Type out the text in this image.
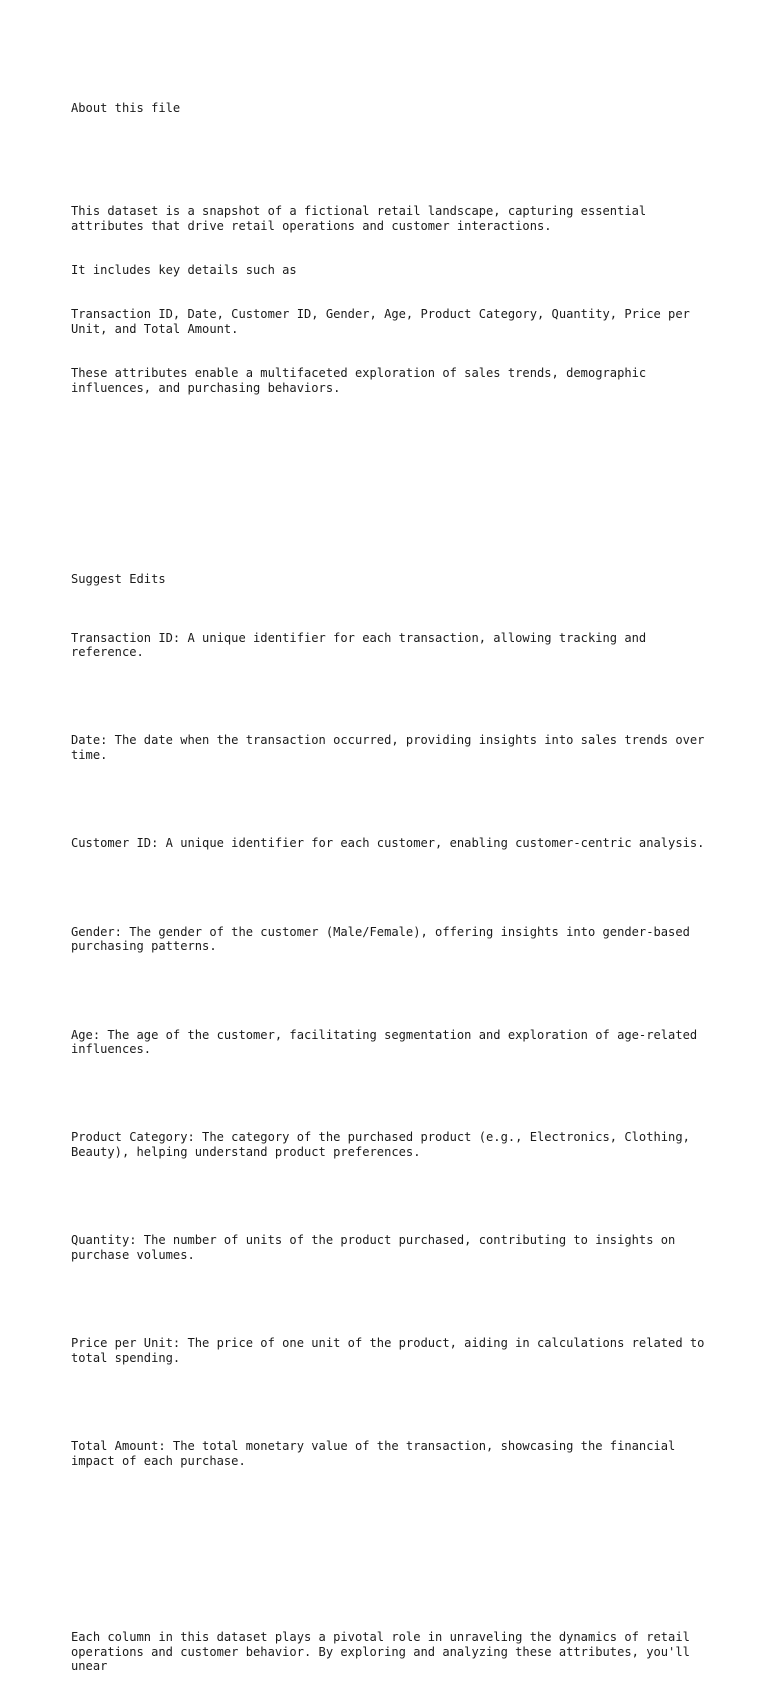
About this file

This dataset is a snapshot of a fictional retail landscape, capturing essential attributes that drive retail operations and customer interactions.

It includes key details such as

Transaction ID, Date, Customer ID, Gender, Age, Product Category, Quantity, Price per Unit, and Total Amount.

These attributes enable a multifaceted exploration of sales trends, demographic influences, and purchasing behaviors.

Suggest Edits

Transaction ID: A unique identifier for each transaction, allowing tracking and reference.

Date: The date when the transaction occurred, providing insights into sales trends over time.

Customer ID: A unique identifier for each customer, enabling customer-centric analysis.

Gender: The gender of the customer (Male/Female), offering insights into gender-based purchasing patterns.

Age: The age of the customer, facilitating segmentation and exploration of age-related influences.

Product Category: The category of the purchased product (e.g., Electronics, Clothing, Beauty), helping understand product preferences.

Quantity: The number of units of the product purchased, contributing to insights on purchase volumes.

Price per Unit: The price of one unit of the product, aiding in calculations related to total spending.

Total Amount: The total monetary value of the transaction, showcasing the financial impact of each purchase.

Each column in this dataset plays a pivotal role in unraveling the dynamics of retail operations and customer behavior. By exploring and analyzing these attributes, you'll unear
